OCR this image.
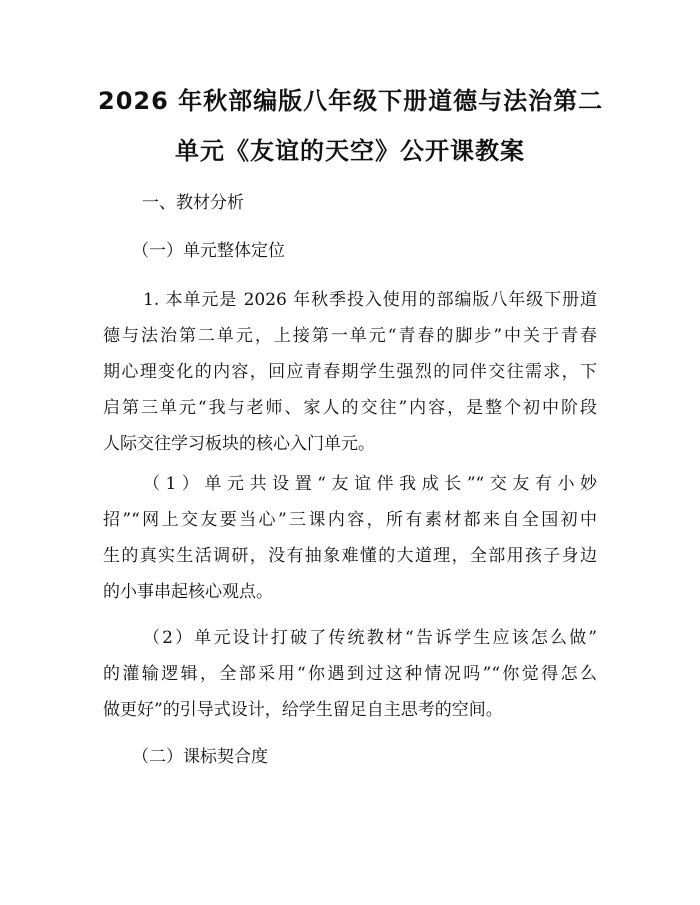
2026 年秋部编版八年级下册道德与法治第二
单元《友谊的天空》公开课教案
一、教材分析
（一）单元整体定位
1. 本单元是 2026 年秋季投入使用的部编版八年级下册道
德与法治第二单元，上接第一单元“青春的脚步”中关于青春
期心理变化的内容，回应青春期学生强烈的同伴交往需求，下
启第三单元“我与老师、家人的交往”内容，是整个初中阶段
人际交往学习板块的核心入门单元。
（1）单元共设置“友谊伴我成长”“交友有小妙
招”“网上交友要当心”三课内容，所有素材都来自全国初中
生的真实生活调研，没有抽象难懂的大道理，全部用孩子身边
的小事串起核心观点。
（2）单元设计打破了传统教材“告诉学生应该怎么做”
的灌输逻辑，全部采用“你遇到过这种情况吗”“你觉得怎么
做更好”的引导式设计，给学生留足自主思考的空间。
（二）课标契合度
